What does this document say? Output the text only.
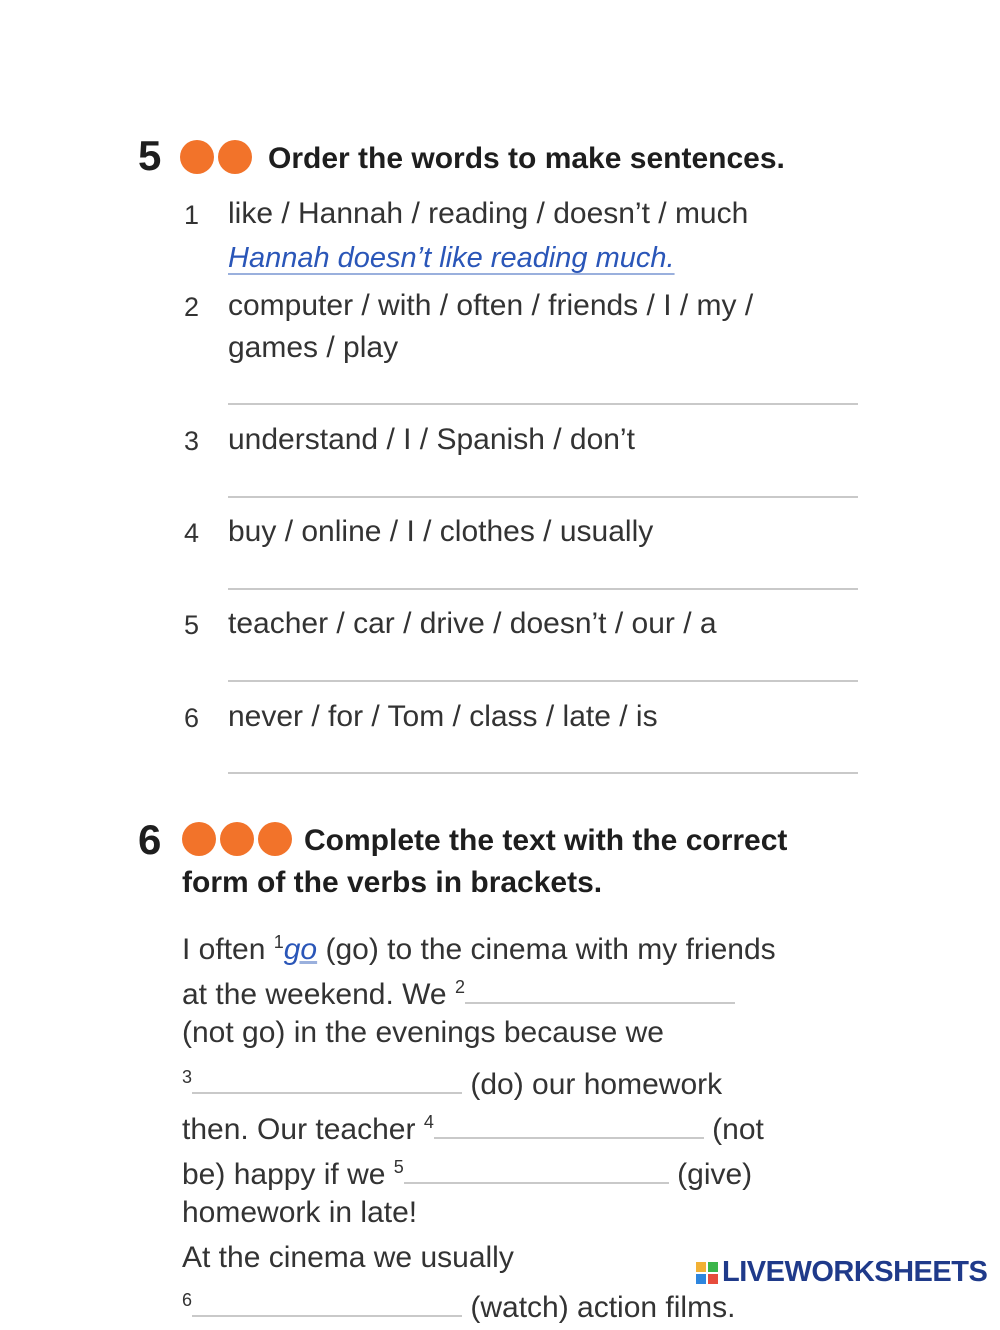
5	Order the words to make sentences.
1 like / Hannah / reading / doesn’t / much
Hannah doesn’t like reading much.
2 computer / with / often / friends / I / my /
games / play
3 understand / I / Spanish / don’t
4 buy / online / I / clothes / usually
5 teacher / car / drive / doesn’t / our / a
6 never / for / Tom / class / late / is
6	Complete the text with the correct
form of the verbs in brackets.
I often $^1$go (go) to the cinema with my friends
at the weekend. We $^2$
(not go) in the evenings because we
$^3$	(do) our homework
then. Our teacher $^4$	(not
be) happy if we $^5$	(give)
homework in late!
At the cinema we usually
$^6$	(watch) action films.
LIVEWORKSHEETS
